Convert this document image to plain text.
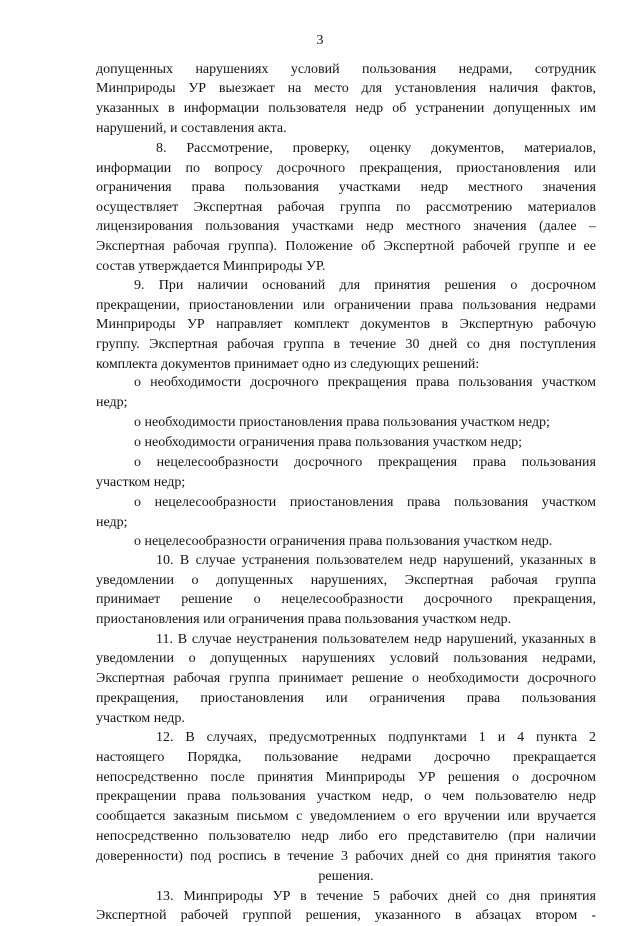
3
допущенных нарушениях условий пользования недрами, сотрудник
Минприроды УР выезжает на место для установления наличия фактов,
указанных в информации пользователя недр об устранении допущенных им
нарушений, и составления акта.
8. Рассмотрение, проверку, оценку документов, материалов,
информации по вопросу досрочного прекращения, приостановления или
ограничения права пользования участками недр местного значения
осуществляет Экспертная рабочая группа по рассмотрению материалов
лицензирования пользования участками недр местного значения (далее –
Экспертная рабочая группа). Положение об Экспертной рабочей группе и ее
состав утверждается Минприроды УР.
9. При наличии оснований для принятия решения о досрочном
прекращении, приостановлении или ограничении права пользования недрами
Минприроды УР направляет комплект документов в Экспертную рабочую
группу. Экспертная рабочая группа в течение 30 дней со дня поступления
комплекта документов принимает одно из следующих решений:
о необходимости досрочного прекращения права пользования участком
недр;
о необходимости приостановления права пользования участком недр;
о необходимости ограничения права пользования участком недр;
о нецелесообразности досрочного прекращения права пользования
участком недр;
о нецелесообразности приостановления права пользования участком
недр;
о нецелесообразности ограничения права пользования участком недр.
10. В случае устранения пользователем недр нарушений, указанных в
уведомлении о допущенных нарушениях, Экспертная рабочая группа
принимает решение о нецелесообразности досрочного прекращения,
приостановления или ограничения права пользования участком недр.
11. В случае неустранения пользователем недр нарушений, указанных в
уведомлении о допущенных нарушениях условий пользования недрами,
Экспертная рабочая группа принимает решение о необходимости досрочного
прекращения, приостановления или ограничения права пользования
участком недр.
12. В случаях, предусмотренных подпунктами 1 и 4 пункта 2
настоящего Порядка, пользование недрами досрочно прекращается
непосредственно после принятия Минприроды УР решения о досрочном
прекращении права пользования участком недр, о чем пользователю недр
сообщается заказным письмом с уведомлением о его вручении или вручается
непосредственно пользователю недр либо его представителю (при наличии
доверенности) под роспись в течение 3 рабочих дней со дня принятия такого
решения.
13. Минприроды УР в течение 5 рабочих дней со дня принятия
Экспертной рабочей группой решения, указанного в абзацах втором -
